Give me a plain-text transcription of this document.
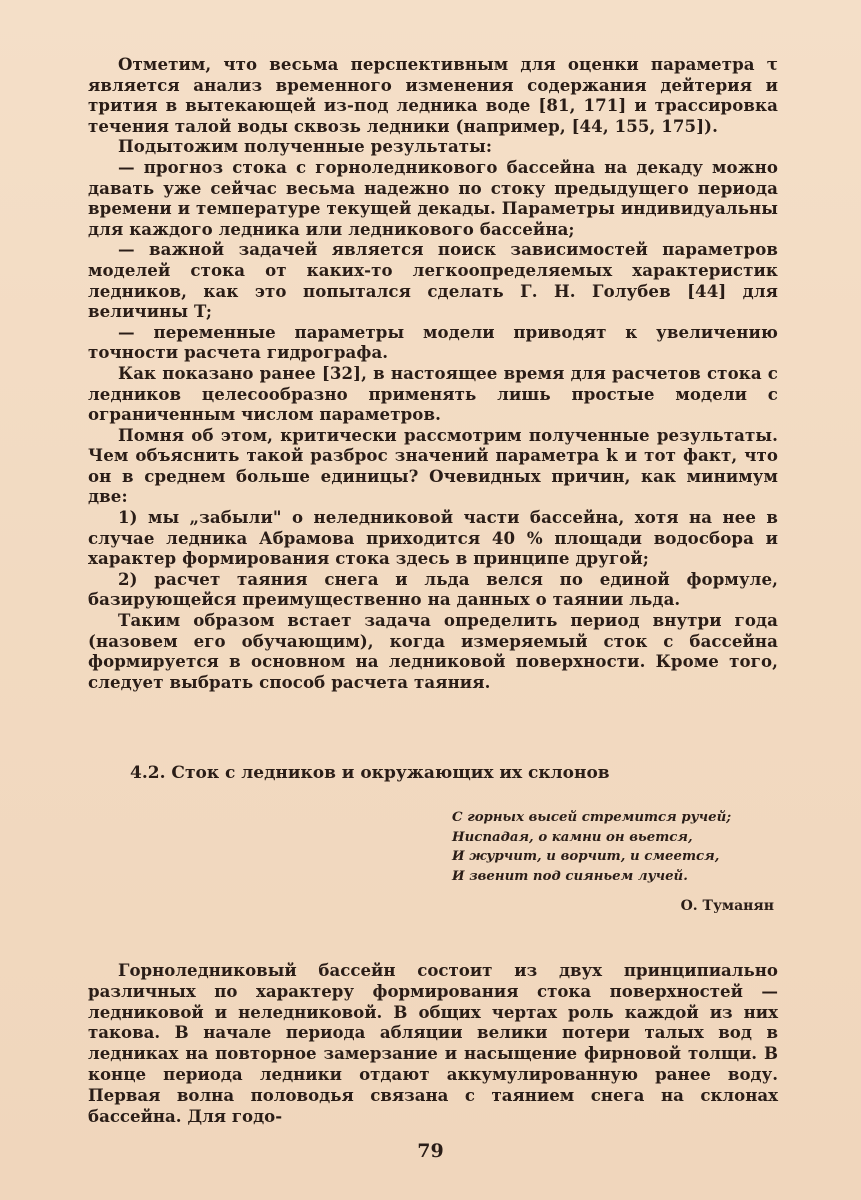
Отметим, что весьма перспективным для оценки параметра τ является анализ временного изменения содержания дейтерия и трития в вытекающей из-под ледника воде [81, 171] и трассировка течения талой воды сквозь ледники (например, [44, 155, 175]).

Подытожим полученные результаты:

— прогноз стока с горноледникового бассейна на декаду можно давать уже сейчас весьма надежно по стоку предыдущего периода времени и температуре текущей декады. Параметры индивидуальны для каждого ледника или ледникового бассейна;

— важной задачей является поиск зависимостей параметров моделей стока от каких-то легкоопределяемых характеристик ледников, как это попытался сделать Г. Н. Голубев [44] для величины T;

— переменные параметры модели приводят к увеличению точности расчета гидрографа.

Как показано ранее [32], в настоящее время для расчетов стока с ледников целесообразно применять лишь простые модели с ограниченным числом параметров.

Помня об этом, критически рассмотрим полученные результаты. Чем объяснить такой разброс значений параметра k и тот факт, что он в среднем больше единицы? Очевидных причин, как минимум две:

1) мы „забыли" о неледниковой части бассейна, хотя на нее в случае ледника Абрамова приходится 40 % площади водосбора и характер формирования стока здесь в принципе другой;

2) расчет таяния снега и льда велся по единой формуле, базирующейся преимущественно на данных о таянии льда.

Таким образом встает задача определить период внутри года (назовем его обучающим), когда измеряемый сток с бассейна формируется в основном на ледниковой поверхности. Кроме того, следует выбрать способ расчета таяния.

4.2. Сток с ледников и окружающих их склонов
С горных высей стремится ручей;
Ниспадая, о камни он вьется,
И журчит, и ворчит, и смеется,
И звенит под сияньем лучей.
О. Туманян

Горноледниковый бассейн состоит из двух принципиально различных по характеру формирования стока поверхностей — ледниковой и неледниковой. В общих чертах роль каждой из них такова. В начале периода абляции велики потери талых вод в ледниках на повторное замерзание и насыщение фирновой толщи. В конце периода ледники отдают аккумулированную ранее воду. Первая волна половодья связана с таянием снега на склонах бассейна. Для годо-

79
